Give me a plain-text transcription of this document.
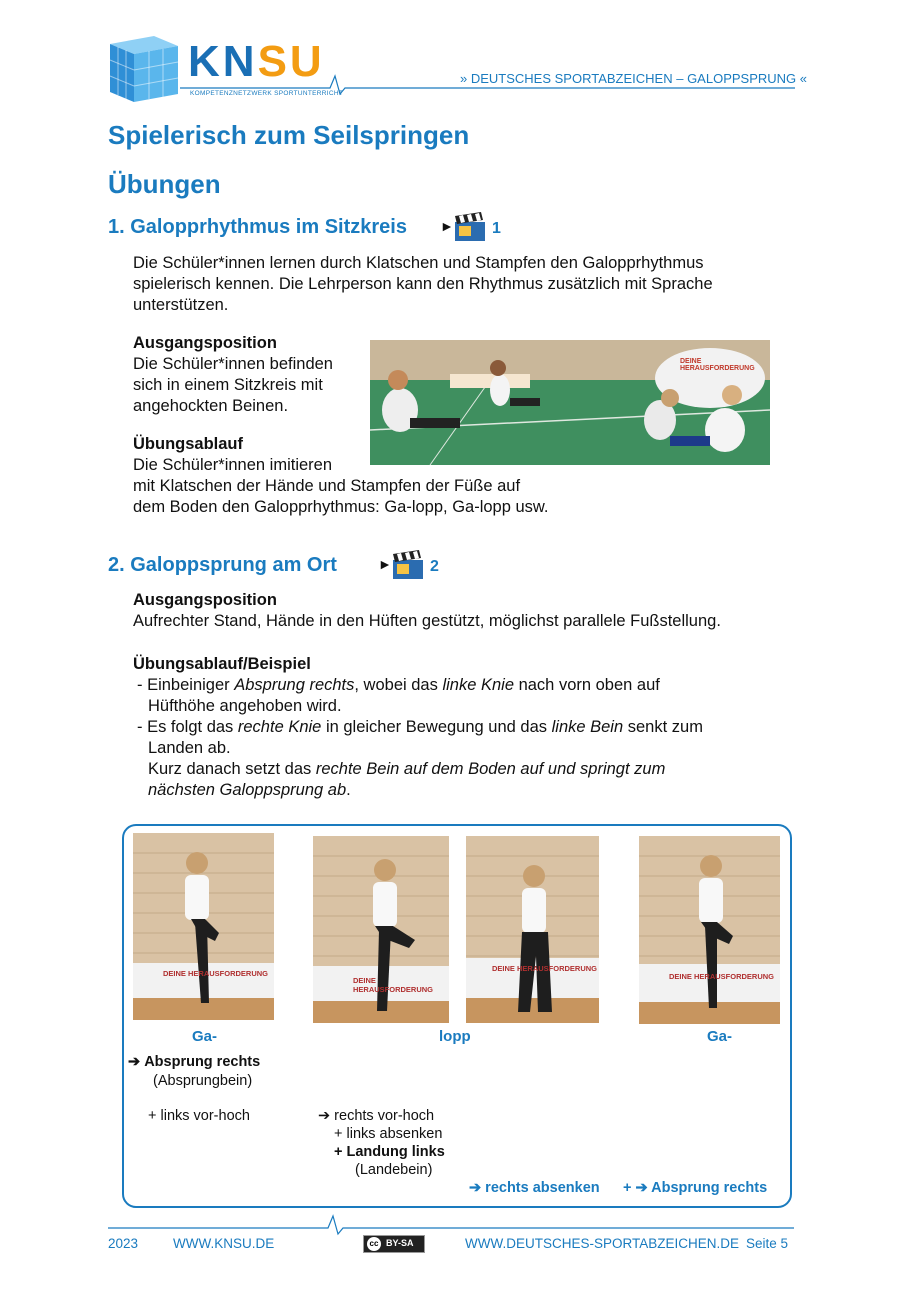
KNSU
KOMPETENZNETZWERK SPORTUNTERRICHT
» DEUTSCHES SPORTABZEICHEN – GALOPPSPRUNG «
Spielerisch zum Seilspringen
Übungen
1. Galopprhythmus im Sitzkreis ► 1
Die Schüler*innen lernen durch Klatschen und Stampfen den Galopprhythmus
spielerisch kennen. Die Lehrperson kann den Rhythmus zusätzlich mit Sprache
unterstützen.
Ausgangsposition
Die Schüler*innen befinden
sich in einem Sitzkreis mit
angehockten Beinen.
Übungsablauf
Die Schüler*innen imitieren
mit Klatschen der Hände und Stampfen der Füße auf
dem Boden den Galopprhythmus: Ga-lopp, Ga-lopp usw.
DEINE HERAUSFORDERUNG
2. Galoppsprung am Ort	► 2
Ausgangsposition
Aufrechter Stand, Hände in den Hüften gestützt, möglichst parallele Fußstellung.
Übungsablauf/Beispiel
- Einbeiniger Absprung rechts, wobei das linke Knie nach vorn oben auf
Hüfthöhe angehoben wird.
- Es folgt das rechte Knie in gleicher Bewegung und das linke Bein senkt zum
Landen ab.
Kurz danach setzt das rechte Bein auf dem Boden auf und springt zum
nächsten Galoppsprung ab.
DEINE HERAUSFORDERUNG
DEINE HERAUSFORDERUNG
DEINE HERAUSFORDERUNG
DEINE HERAUSFORDERUNG
Ga-	lopp	Ga-
➔ Absprung rechts
(Absprungbein)
+ links vor-hoch	➔ rechts vor-hoch
+ links absenken
+ Landung links
(Landebein)
➔ rechts absenken + ➔ Absprung rechts
2023	WWW.KNSU.DE	cc BY-SA	WWW.DEUTSCHES-SPORTABZEICHEN.DE Seite 5
